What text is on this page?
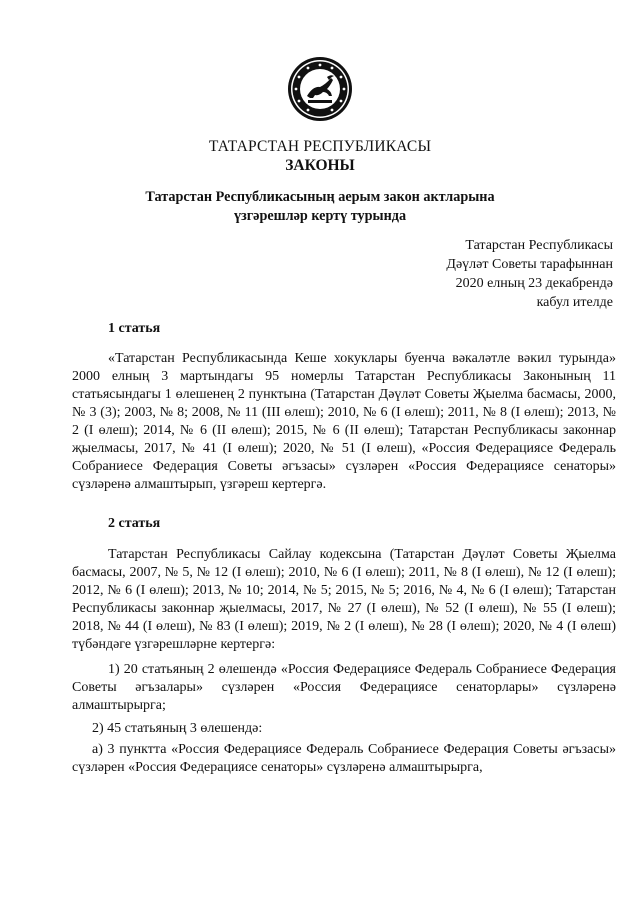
ТАТАРСТАН РЕСПУБЛИКАСЫ
ЗАКОНЫ
Татарстан Республикасының аерым закон актларына
үзгәрешләр кертү турында
Татарстан Республикасы
Дәүләт Советы тарафыннан
2020 елның 23 декабрендә
кабул ителде
1 статья
«Татарстан Республикасында Кеше хокуклары буенча вәкаләтле вәкил турында» 2000 елның 3 мартындагы 95 номерлы Татарстан Республикасы Законының 11 статьясындагы 1 өлешенең 2 пунктына (Татарстан Дәүләт Советы Җыелма басмасы, 2000, № 3 (3); 2003, № 8; 2008, № 11 (III өлеш); 2010, № 6 (I өлеш); 2011, № 8 (I өлеш); 2013, № 2 (I өлеш); 2014, № 6 (II өлеш); 2015, № 6 (II өлеш); Татарстан Республикасы законнар җыелмасы, 2017, № 41 (I өлеш); 2020, № 51 (I өлеш), «Россия Федерациясе Федераль Собраниесе Федерация Советы әгъзасы» сүзләрен «Россия Федерациясе сенаторы» сүзләренә алмаштырып, үзгәреш кертергә.
2 статья
Татарстан Республикасы Сайлау кодексына (Татарстан Дәүләт Советы Җыелма басмасы, 2007, № 5, № 12 (I өлеш); 2010, № 6 (I өлеш); 2011, № 8 (I өлеш), № 12 (I өлеш); 2012, № 6 (I өлеш); 2013, № 10; 2014, № 5; 2015, № 5; 2016, № 4, № 6 (I өлеш); Татарстан Республикасы законнар җыелмасы, 2017, № 27 (I өлеш), № 52 (I өлеш), № 55 (I өлеш); 2018, № 44 (I өлеш), № 83 (I өлеш); 2019, № 2 (I өлеш), № 28 (I өлеш); 2020, № 4 (I өлеш) түбәндәге үзгәрешләрне кертергә:
1) 20 статьяның 2 өлешендә «Россия Федерациясе Федераль Собраниесе Федерация Советы әгъзалары» сүзләрен «Россия Федерациясе сенаторлары» сүзләренә алмаштырырга;
2) 45 статьяның 3 өлешендә:
а) 3 пунктта «Россия Федерациясе Федераль Собраниесе Федерация Советы әгъзасы» сүзләрен «Россия Федерациясе сенаторы» сүзләренә алмаштырырга,
